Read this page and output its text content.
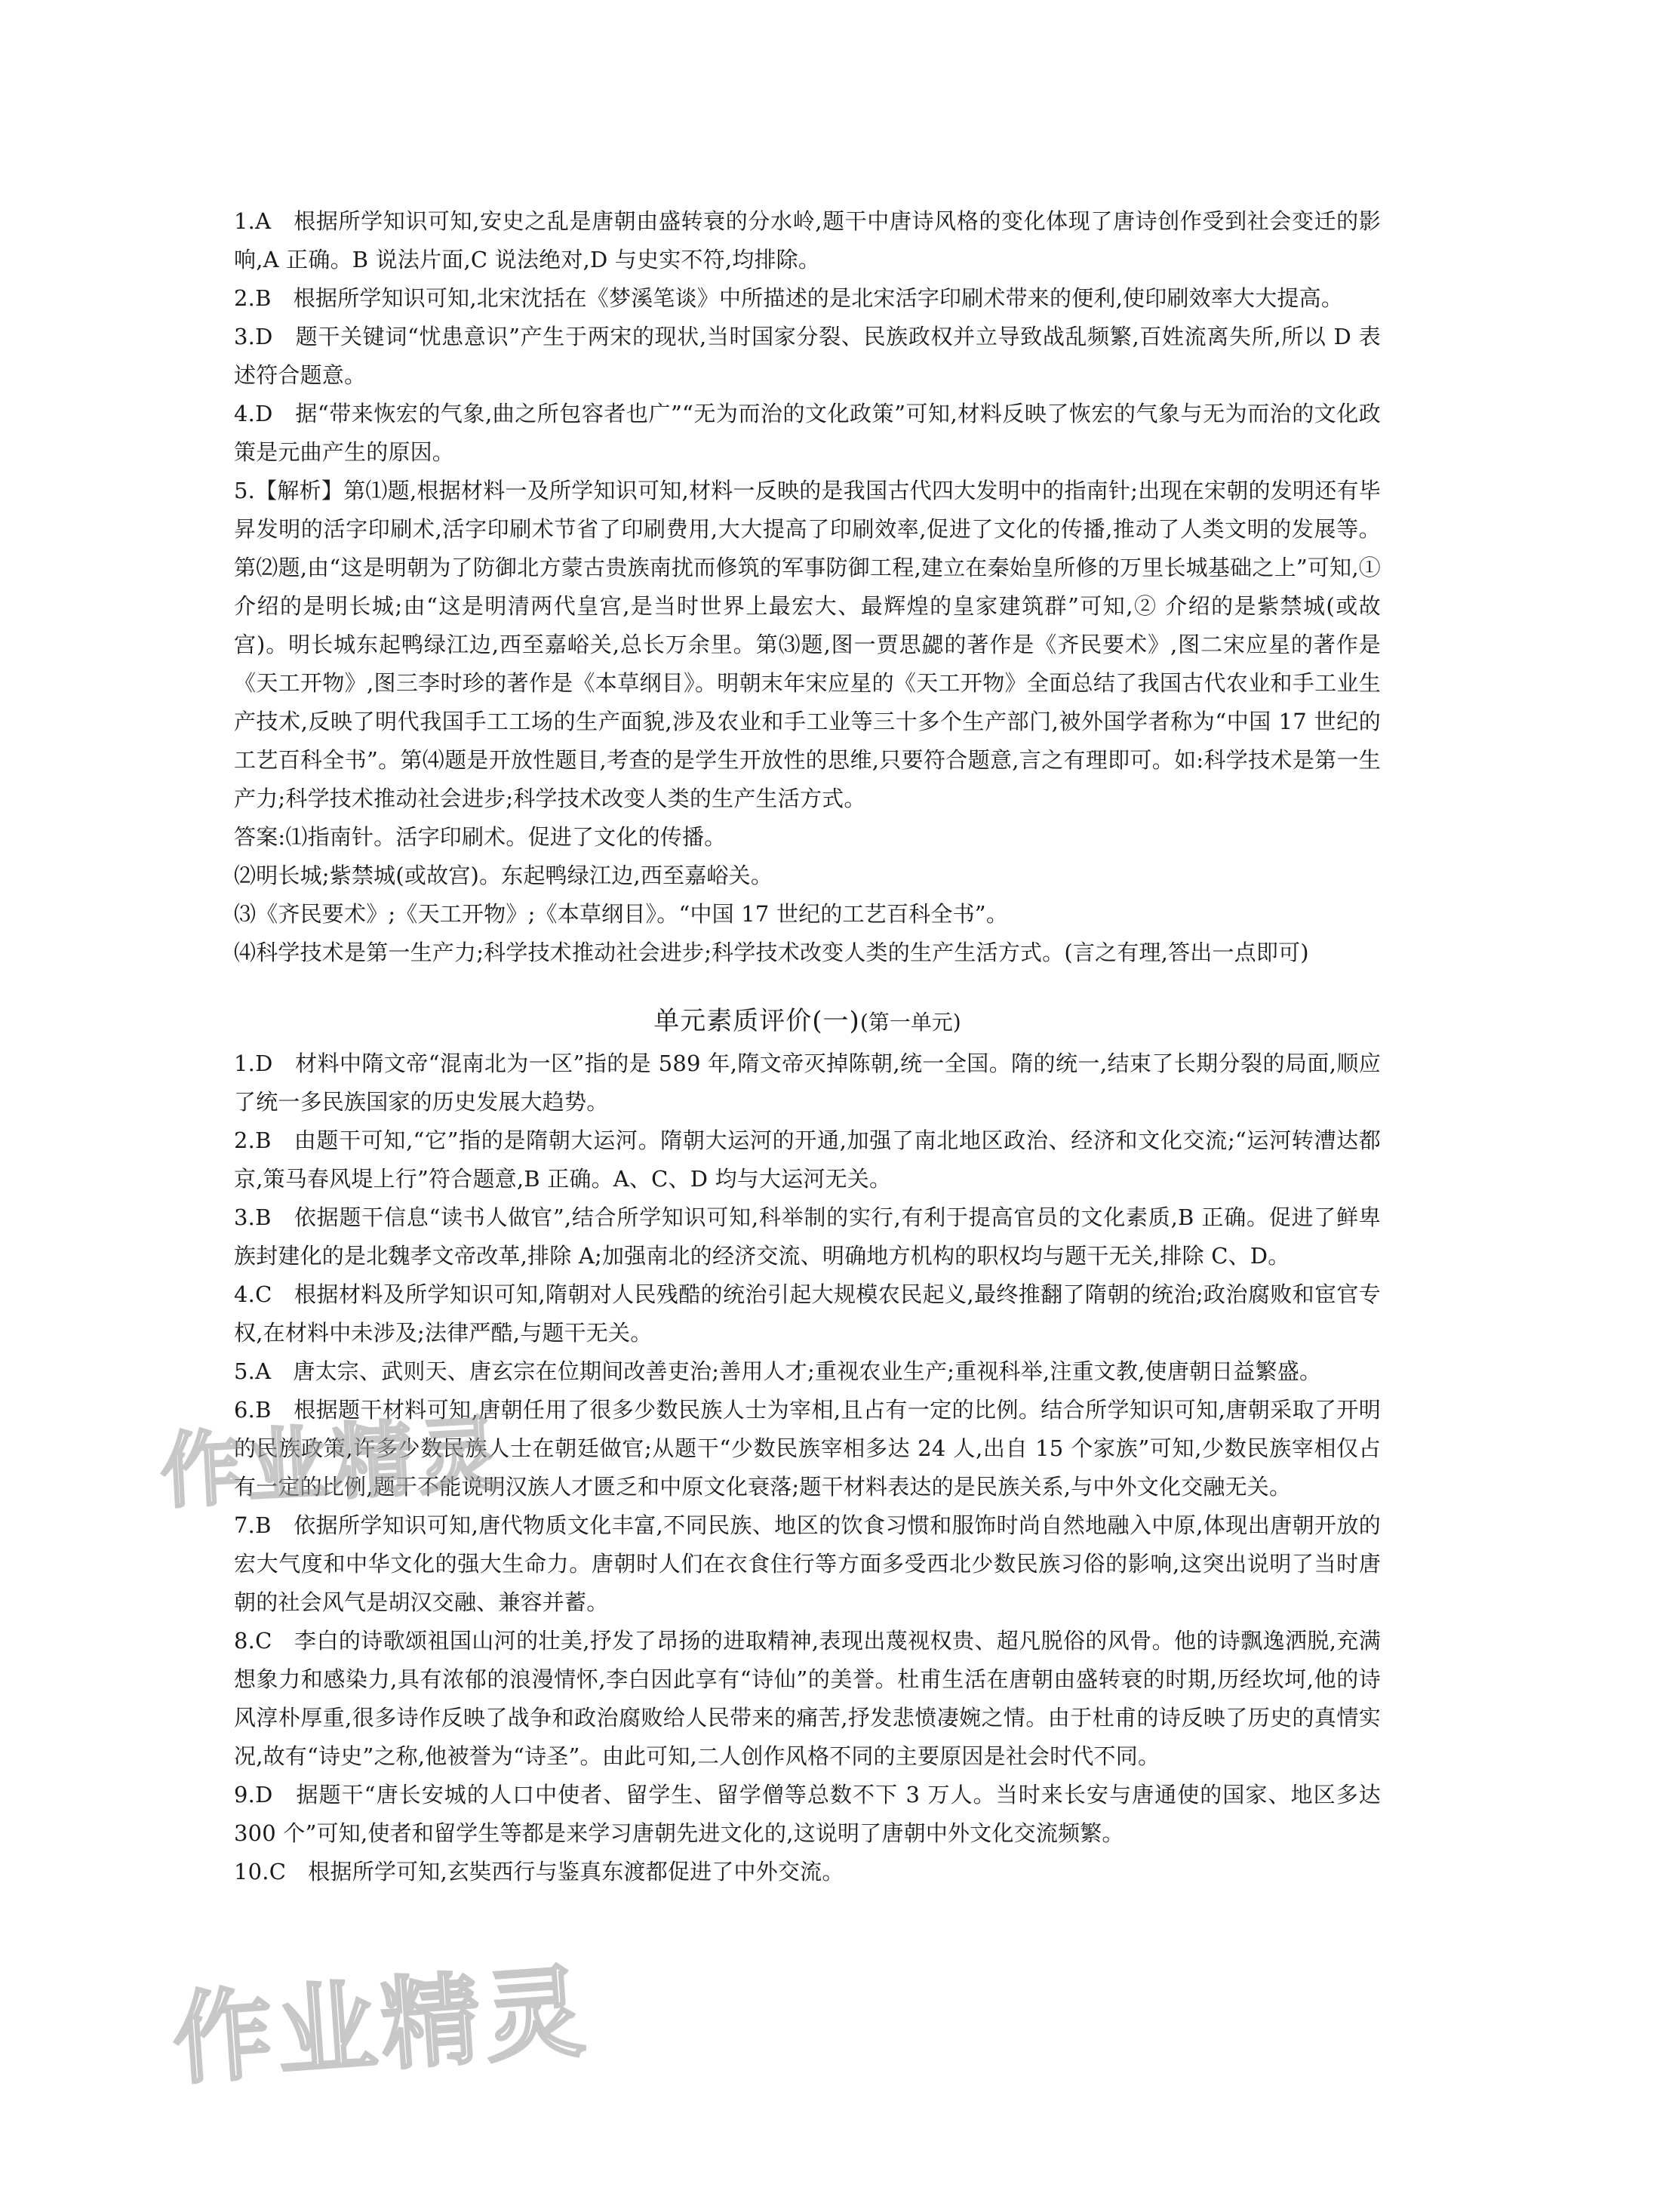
1.A　根据所学知识可知,安史之乱是唐朝由盛转衰的分水岭,题干中唐诗风格的变化体现了唐诗创作受到社会变迁的影响,A 正确。B 说法片面,C 说法绝对,D 与史实不符,均排除。

2.B　根据所学知识可知,北宋沈括在《梦溪笔谈》中所描述的是北宋活字印刷术带来的便利,使印刷效率大大提高。

3.D　题干关键词“忧患意识”产生于两宋的现状,当时国家分裂、民族政权并立导致战乱频繁,百姓流离失所,所以 D 表述符合题意。

4.D　据“带来恢宏的气象,曲之所包容者也广”“无为而治的文化政策”可知,材料反映了恢宏的气象与无为而治的文化政策是元曲产生的原因。

5.【解析】第⑴题,根据材料一及所学知识可知,材料一反映的是我国古代四大发明中的指南针;出现在宋朝的发明还有毕昇发明的活字印刷术,活字印刷术节省了印刷费用,大大提高了印刷效率,促进了文化的传播,推动了人类文明的发展等。第⑵题,由“这是明朝为了防御北方蒙古贵族南扰而修筑的军事防御工程,建立在秦始皇所修的万里长城基础之上”可知,① 介绍的是明长城;由“这是明清两代皇宫,是当时世界上最宏大、最辉煌的皇家建筑群”可知,② 介绍的是紫禁城(或故宫)。明长城东起鸭绿江边,西至嘉峪关,总长万余里。第⑶题,图一贾思勰的著作是《齐民要术》,图二宋应星的著作是《天工开物》,图三李时珍的著作是《本草纲目》。明朝末年宋应星的《天工开物》全面总结了我国古代农业和手工业生产技术,反映了明代我国手工工场的生产面貌,涉及农业和手工业等三十多个生产部门,被外国学者称为“中国 17 世纪的工艺百科全书”。第⑷题是开放性题目,考查的是学生开放性的思维,只要符合题意,言之有理即可。如:科学技术是第一生产力;科学技术推动社会进步;科学技术改变人类的生产生活方式。

答案:⑴指南针。活字印刷术。促进了文化的传播。

⑵明长城;紫禁城(或故宫)。东起鸭绿江边,西至嘉峪关。

⑶《齐民要术》;《天工开物》;《本草纲目》。“中国 17 世纪的工艺百科全书”。

⑷科学技术是第一生产力;科学技术推动社会进步;科学技术改变人类的生产生活方式。(言之有理,答出一点即可)

单元素质评价(一)(第一单元)

1.D　材料中隋文帝“混南北为一区”指的是 589 年,隋文帝灭掉陈朝,统一全国。隋的统一,结束了长期分裂的局面,顺应了统一多民族国家的历史发展大趋势。

2.B　由题干可知,“它”指的是隋朝大运河。隋朝大运河的开通,加强了南北地区政治、经济和文化交流;“运河转漕达都京,策马春风堤上行”符合题意,B 正确。A、C、D 均与大运河无关。

3.B　依据题干信息“读书人做官”,结合所学知识可知,科举制的实行,有利于提高官员的文化素质,B 正确。促进了鲜卑族封建化的是北魏孝文帝改革,排除 A;加强南北的经济交流、明确地方机构的职权均与题干无关,排除 C、D。

4.C　根据材料及所学知识可知,隋朝对人民残酷的统治引起大规模农民起义,最终推翻了隋朝的统治;政治腐败和宦官专权,在材料中未涉及;法律严酷,与题干无关。

5.A　唐太宗、武则天、唐玄宗在位期间改善吏治;善用人才;重视农业生产;重视科举,注重文教,使唐朝日益繁盛。

6.B　根据题干材料可知,唐朝任用了很多少数民族人士为宰相,且占有一定的比例。结合所学知识可知,唐朝采取了开明的民族政策,许多少数民族人士在朝廷做官;从题干“少数民族宰相多达 24 人,出自 15 个家族”可知,少数民族宰相仅占有一定的比例,题干不能说明汉族人才匮乏和中原文化衰落;题干材料表达的是民族关系,与中外文化交融无关。

7.B　依据所学知识可知,唐代物质文化丰富,不同民族、地区的饮食习惯和服饰时尚自然地融入中原,体现出唐朝开放的宏大气度和中华文化的强大生命力。唐朝时人们在衣食住行等方面多受西北少数民族习俗的影响,这突出说明了当时唐朝的社会风气是胡汉交融、兼容并蓄。

8.C　李白的诗歌颂祖国山河的壮美,抒发了昂扬的进取精神,表现出蔑视权贵、超凡脱俗的风骨。他的诗飘逸洒脱,充满想象力和感染力,具有浓郁的浪漫情怀,李白因此享有“诗仙”的美誉。杜甫生活在唐朝由盛转衰的时期,历经坎坷,他的诗风淳朴厚重,很多诗作反映了战争和政治腐败给人民带来的痛苦,抒发悲愤凄婉之情。由于杜甫的诗反映了历史的真情实况,故有“诗史”之称,他被誉为“诗圣”。由此可知,二人创作风格不同的主要原因是社会时代不同。

9.D　据题干“唐长安城的人口中使者、留学生、留学僧等总数不下 3 万人。当时来长安与唐通使的国家、地区多达 300 个”可知,使者和留学生等都是来学习唐朝先进文化的,这说明了唐朝中外文化交流频繁。

10.C　根据所学可知,玄奘西行与鉴真东渡都促进了中外交流。

作业精灵
作业精灵
